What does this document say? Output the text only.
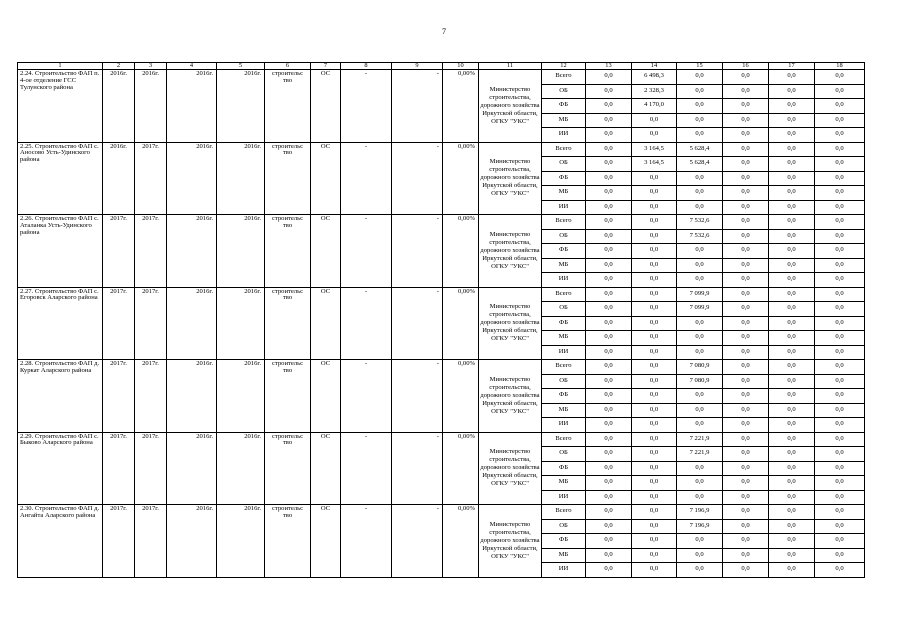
7
1	2	3	4	5	6	7	8	9	10	11	12	13	14	15	16	17	18
2.24. Строительство ФАП п. 4-ое отделение ГСС Тулунского района	2016г.	2016г.	2016г.	2016г.	строительс тво	ОС	-	-	0,00%	Министерство строительства, дорожного хозяйства Иркутской области, ОГКУ "УКС"	Всего	0,0	6 498,3	0,0	0,0	0,0	0,0
											ОБ	0,0	2 328,3	0,0	0,0	0,0	0,0
											ФБ	0,0	4 170,0	0,0	0,0	0,0	0,0
											МБ	0,0	0,0	0,0	0,0	0,0	0,0
											ИИ	0,0	0,0	0,0	0,0	0,0	0,0
2.25. Строительство ФАП с. Аносово Усть-Удинского района	2016г.	2017г.	2016г.	2016г.	строительс тво	ОС	-	-	0,00%	Министерство строительства, дорожного хозяйства Иркутской области, ОГКУ "УКС"	Всего	0,0	3 164,5	5 628,4	0,0	0,0	0,0
											ОБ	0,0	3 164,5	5 628,4	0,0	0,0	0,0
											ФБ	0,0	0,0	0,0	0,0	0,0	0,0
											МБ	0,0	0,0	0,0	0,0	0,0	0,0
											ИИ	0,0	0,0	0,0	0,0	0,0	0,0
2.26. Строительство ФАП с. Аталанка Усть-Удинского района	2017г.	2017г.	2016г.	2016г.	строительс тво	ОС	-	-	0,00%	Министерство строительства, дорожного хозяйства Иркутской области, ОГКУ "УКС"	Всего	0,0	0,0	7 532,6	0,0	0,0	0,0
											ОБ	0,0	0,0	7 532,6	0,0	0,0	0,0
											ФБ	0,0	0,0	0,0	0,0	0,0	0,0
											МБ	0,0	0,0	0,0	0,0	0,0	0,0
											ИИ	0,0	0,0	0,0	0,0	0,0	0,0
2.27. Строительство ФАП с. Егоровск Аларского района	2017г.	2017г.	2016г.	2016г.	строительс тво	ОС	-	-	0,00%	Министерство строительства, дорожного хозяйства Иркутской области, ОГКУ "УКС"	Всего	0,0	0,0	7 099,9	0,0	0,0	0,0
											ОБ	0,0	0,0	7 099,9	0,0	0,0	0,0
											ФБ	0,0	0,0	0,0	0,0	0,0	0,0
											МБ	0,0	0,0	0,0	0,0	0,0	0,0
											ИИ	0,0	0,0	0,0	0,0	0,0	0,0
2.28. Строительство ФАП д. Куркат Аларского района	2017г.	2017г.	2016г.	2016г.	строительс тво	ОС	-	-	0,00%	Министерство строительства, дорожного хозяйства Иркутской области, ОГКУ "УКС"	Всего	0,0	0,0	7 080,9	0,0	0,0	0,0
											ОБ	0,0	0,0	7 080,9	0,0	0,0	0,0
											ФБ	0,0	0,0	0,0	0,0	0,0	0,0
											МБ	0,0	0,0	0,0	0,0	0,0	0,0
											ИИ	0,0	0,0	0,0	0,0	0,0	0,0
2.29. Строительство ФАП с. Быково Аларского района	2017г.	2017г.	2016г.	2016г.	строительс тво	ОС	-	-	0,00%	Министерство строительства, дорожного хозяйства Иркутской области, ОГКУ "УКС"	Всего	0,0	0,0	7 221,9	0,0	0,0	0,0
											ОБ	0,0	0,0	7 221,9	0,0	0,0	0,0
											ФБ	0,0	0,0	0,0	0,0	0,0	0,0
											МБ	0,0	0,0	0,0	0,0	0,0	0,0
											ИИ	0,0	0,0	0,0	0,0	0,0	0,0
2.30. Строительство ФАП д. Ангайта Аларского района	2017г.	2017г.	2016г.	2016г.	строительс тво	ОС	-	-	0,00%	Министерство строительства, дорожного хозяйства Иркутской области, ОГКУ "УКС"	Всего	0,0	0,0	7 196,9	0,0	0,0	0,0
											ОБ	0,0	0,0	7 196,9	0,0	0,0	0,0
											ФБ	0,0	0,0	0,0	0,0	0,0	0,0
											МБ	0,0	0,0	0,0	0,0	0,0	0,0
											ИИ	0,0	0,0	0,0	0,0	0,0	0,0
